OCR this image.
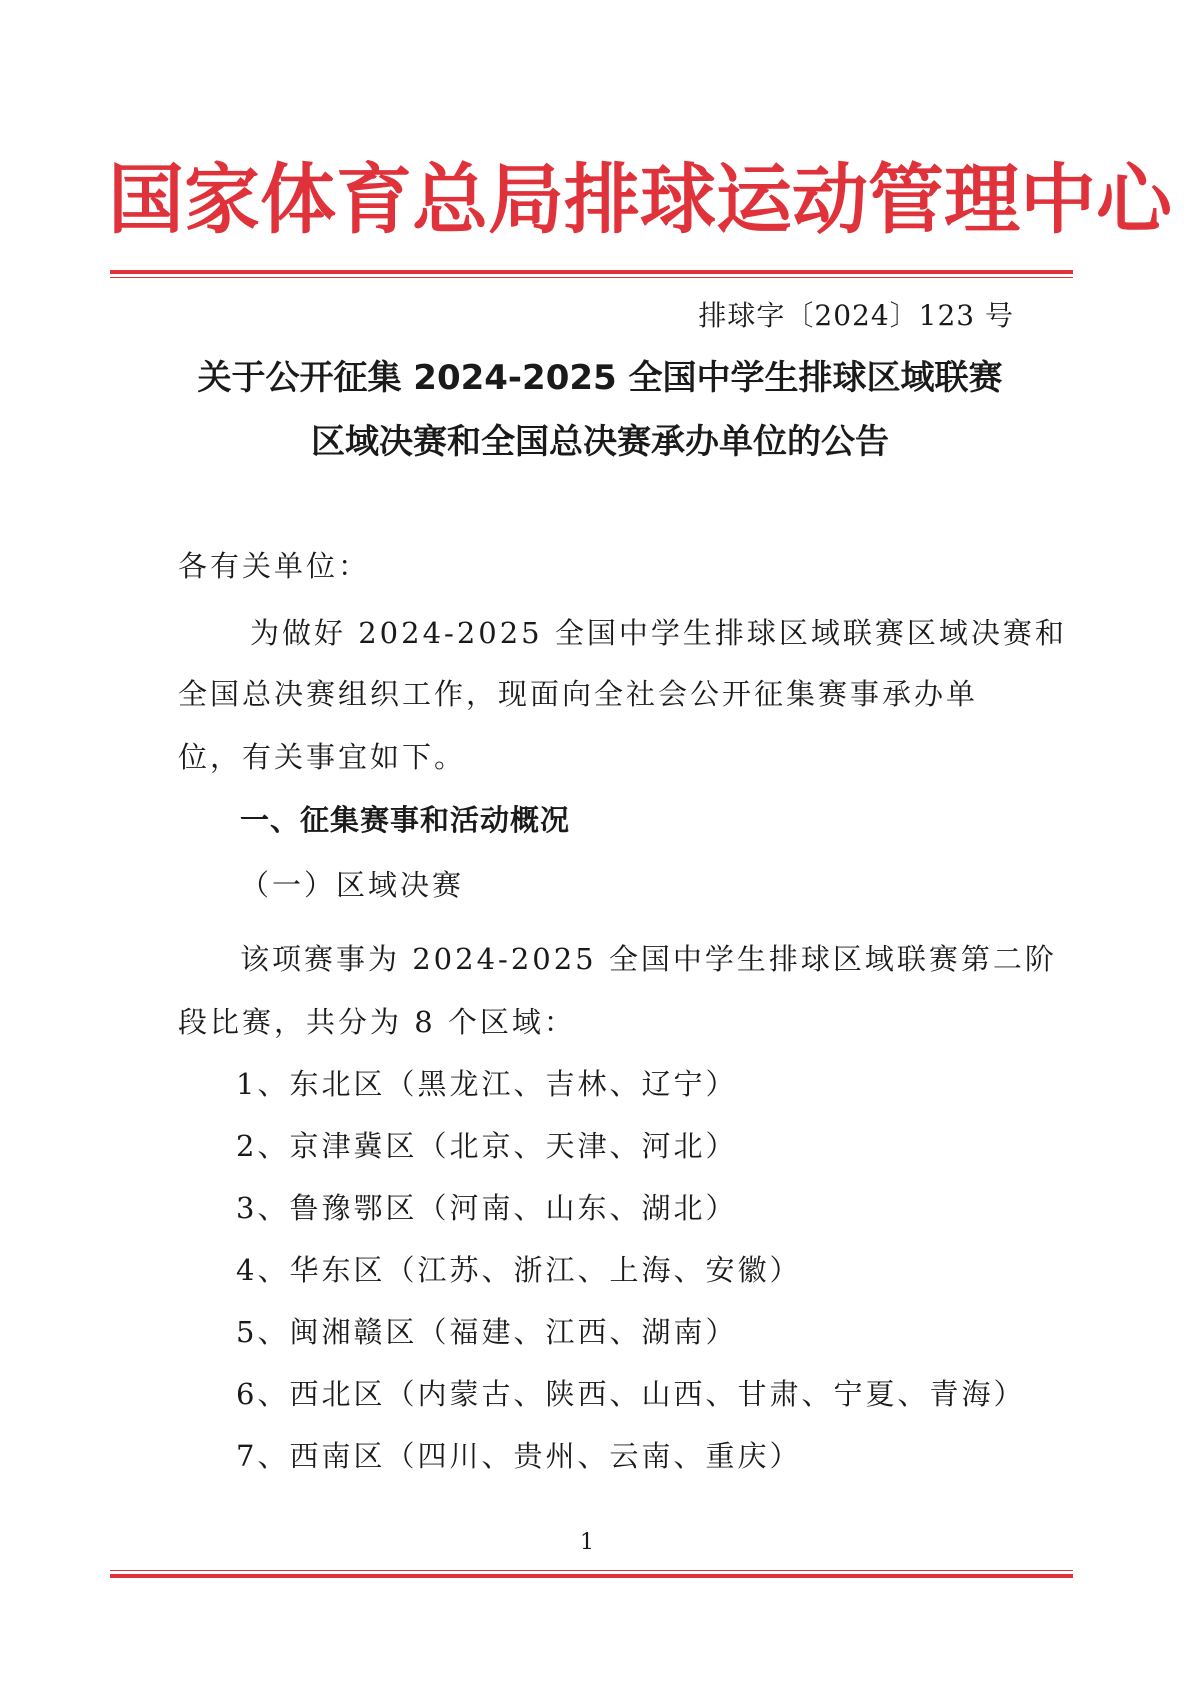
国家体育总局排球运动管理中心
排球字〔2024〕123 号
关于公开征集 2024-2025 全国中学生排球区域联赛
区域决赛和全国总决赛承办单位的公告
各有关单位：
为做好 2024-2025 全国中学生排球区域联赛区域决赛和
全国总决赛组织工作，现面向全社会公开征集赛事承办单
位，有关事宜如下。
一、征集赛事和活动概况
（一）区域决赛
该项赛事为 2024-2025 全国中学生排球区域联赛第二阶
段比赛，共分为 8 个区域：
1、东北区（黑龙江、吉林、辽宁）
2、京津冀区（北京、天津、河北）
3、鲁豫鄂区（河南、山东、湖北）
4、华东区（江苏、浙江、上海、安徽）
5、闽湘赣区（福建、江西、湖南）
6、西北区（内蒙古、陕西、山西、甘肃、宁夏、青海）
7、西南区（四川、贵州、云南、重庆）
1
